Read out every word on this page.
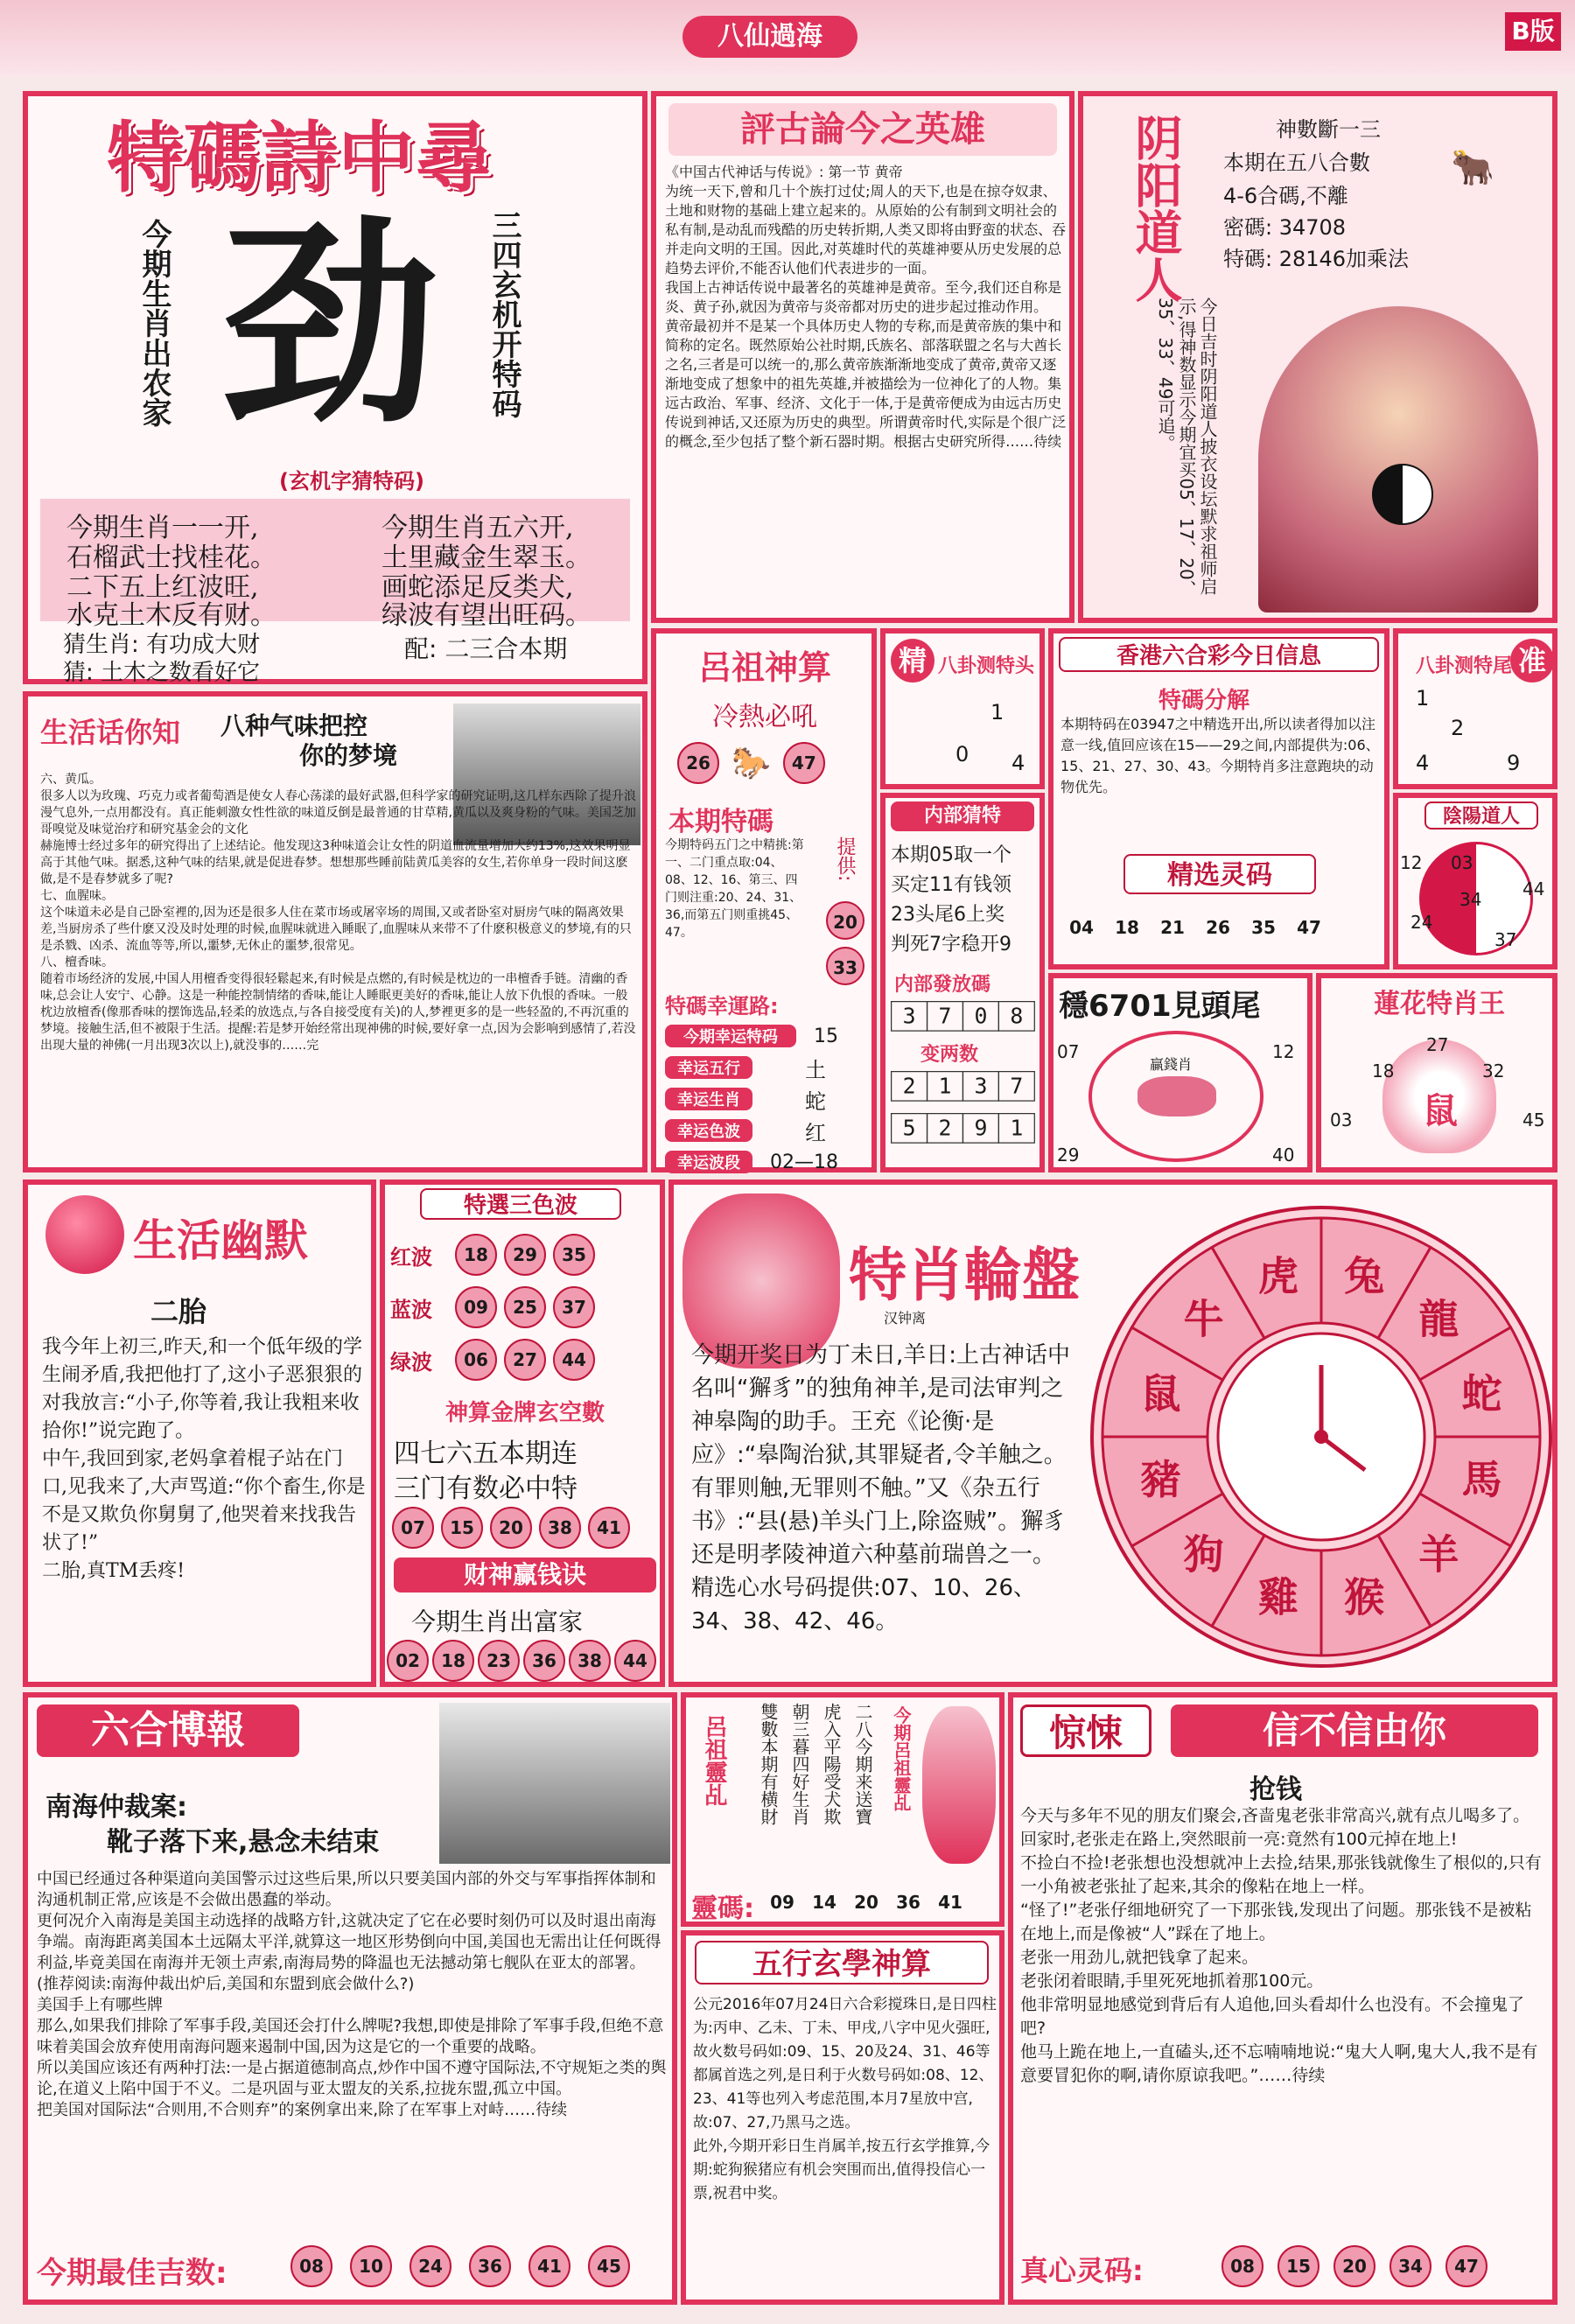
八仙過海	B版
特碼詩中尋
今期生肖出农家 劲 三四玄机开特码
(玄机字猜特码)
今期生肖一一开,	今期生肖五六开,
石榴武士找桂花。	土里藏金生翠玉。
二下五上红波旺,	画蛇添足反类犬,
水克土木反有财。	绿波有望出旺码。
猜生肖: 有功成大财
猜: 土木之数看好它
配: 二三合本期
生活话你知 八种气味把控
你的梦境
六、黄瓜。
很多人以为玫瑰、巧克力或者葡萄酒是使女人春心荡漾的最好武器,但科学家的研究证明,这几样东西除了提升浪漫气息外,一点用都没有。真正能刺激女性性欲的味道反倒是最普通的甘草精,黄瓜以及爽身粉的气味。美国芝加哥嗅觉及味觉治疗和研究基金会的文化
赫施博士经过多年的研究得出了上述结论。他发现这3种味道会让女性的阴道血流量增加大约13%,这效果明显高于其他气味。据悉,这种气味的结果,就是促进春梦。想想那些睡前陆黄瓜美容的女生,若你单身一段时间这麽做,是不是春梦就多了呢?
七、血腥味。
这个味道未必是自己卧室裡的,因为还是很多人住在菜市场或屠宰场的周围,又或者卧室对厨房气味的隔离效果差,当厨房杀了些什麽又没及时处理的时候,血腥味就进入睡眠了,血腥味从来带不了什麽积极意义的梦境,有的只是杀戮、凶杀、流血等等,所以,噩梦,无休止的噩梦,很常见。
八、檀香味。
随着市场经济的发展,中国人用檀香变得很轻鬆起来,有时候是点燃的,有时候是枕边的一串檀香手链。清幽的香味,总会让人安宁、心静。这是一种能控制情绪的香味,能让人睡眠更美好的香味,能让人放下仇恨的香味。一般枕边放檀香(像那香味的摆饰选品,轻柔的放选点,与各自接受度有关)的人,梦裡更多的是一些轻盈的,不再沉重的梦境。接触生活,但不被限于生活。提醒:若是梦开始经常出现神佛的时候,要好拿一点,因为会影响到感情了,若没出现大量的神佛(一月出现3次以上),就没事的……完
評古論今之英雄
《中国古代神话与传说》: 第一节 黄帝
为统一天下,曾和几十个族打过仗;周人的天下,也是在掠夺奴隶、土地和财物的基础上建立起来的。从原始的公有制到文明社会的私有制,是动乱而残酷的历史转折期,人类又即将由野蛮的状态、吞并走向文明的王国。因此,对英雄时代的英雄神要从历史发展的总趋势去评价,不能否认他们代表进步的一面。
我国上古神话传说中最著名的英雄神是黄帝。至今,我们还自称是炎、黄子孙,就因为黄帝与炎帝都对历史的进步起过推动作用。
黄帝最初并不是某一个具体历史人物的专称,而是黄帝族的集中和简称的定名。既然原始公社时期,氏族名、部落联盟之名与大酋长之名,三者是可以统一的,那么黄帝族渐渐地变成了黄帝,黄帝又逐渐地变成了想象中的祖先英雄,并被描绘为一位神化了的人物。集远古政治、军事、经济、文化于一体,于是黄帝便成为由远古历史传说到神话,又还原为历史的典型。所谓黄帝时代,实际是个很广泛的概念,至少包括了整个新石器时期。根据古史研究所得……待续
阴阳道人	神數斷一三
本期在五八合數
4-6合碼,不離
密碼: 34708
特碼: 28146加乘法
🐂
今日吉时阴阳道人披衣设坛默求祖师启示,得神数显示今期宜买05、17、20、35、33、49可追。
呂祖神算
冷熱必吼
26 🐎	47
本期特碼
今期特码五门之中精挑:第一、二门重点取:04、08、12、16、第三、四门则注重:20、24、31、36,而第五门则重挑45、47。
提供:
20
33
特碼幸運路:
今期幸运特码	15
幸运五行	土
幸运生肖	蛇
幸运色波	红
幸运波段	02—18
精 八卦测特头
1
0 4
内部猜特
本期05取一个
买定11有钱领
23头尾6上奖
判死7字稳开9
内部發放碼
3 7 0 8
变两数
2 1 3 7
5 2 9 1
香港六合彩今日信息
特碼分解
本期特码在03947之中精选开出,所以读者得加以注意一线,值回应该在15——29之间,内部提供为:06、15、21、27、30、43。今期特肖多注意跑块的动物优先。
精选灵码
04	18	21	26	35	47
穩6701見頭尾
07	12
29	40
贏錢肖
准
八卦测特尾
1
2
4	9
陰陽道人
12 03
34 44
24
37
蓮花特肖王
27
18	32
03	45
鼠
生活幽默
二胎
我今年上初三,昨天,和一个低年级的学生闹矛盾,我把他打了,这小子恶狠狠的对我放言:“小子,你等着,我让我粗来收拾你!”说完跑了。
中午,我回到家,老妈拿着棍子站在门口,见我来了,大声骂道:“你个畜生,你是不是又欺负你舅舅了,他哭着来找我告状了!”
二胎,真TM丢疼!
特選三色波
红波	18	29	35
蓝波	09	25	37
绿波	06	27	44
神算金牌玄空數
四七六五本期连
三门有数必中特
07	15	20	38	41
财神赢钱诀
今期生肖出富家
02	18	23	36	38	44
特肖輪盤
汉钟离
今期开奖日为丁未日,羊日:上古神话中名叫“獬豸”的独角神羊,是司法审判之神皋陶的助手。王充《论衡·是应》:“皋陶治狱,其罪疑者,令羊触之。有罪则触,无罪则不触。”又《杂五行书》:“县(悬)羊头门上,除盗贼”。獬豸还是明孝陵神道六种墓前瑞兽之一。精选心水号码提供:07、10、26、34、38、42、46。
虎 兔
龍
蛇
馬
羊
猴
雞
狗
豬
鼠
牛
六合博報
南海仲裁案:
靴子落下来,悬念未结束
中国已经通过各种渠道向美国警示过这些后果,所以只要美国内部的外交与军事指挥体制和沟通机制正常,应该是不会做出愚蠢的举动。
更何况介入南海是美国主动选择的战略方针,这就决定了它在必要时刻仍可以及时退出南海争端。南海距离美国本土远隔太平洋,就算这一地区形势倒向中国,美国也无需出让任何既得利益,毕竟美国在南海并无领土声索,南海局势的降温也无法撼动第七舰队在亚太的部署。(推荐阅读:南海仲裁出炉后,美国和东盟到底会做什么?)
美国手上有哪些牌
那么,如果我们排除了军事手段,美国还会打什么牌呢?我想,即使是排除了军事手段,但绝不意味着美国会放弃使用南海问题来遏制中国,因为这是它的一个重要的战略。
所以美国应该还有两种打法:一是占据道德制高点,炒作中国不遵守国际法,不守规矩之类的舆论,在道义上陷中国于不义。二是巩固与亚太盟友的关系,拉拢东盟,孤立中国。
把美国对国际法“合则用,不合则弃”的案例拿出来,除了在军事上对峙……待续
今期最佳吉数:	08	10	24	36	41	45
呂祖靈乩 雙數本期有横財 朝三暮四好生肖 虎入平陽受犬欺 二八今期来送寶 今期呂祖靈乩
靈碼: 09	14	20	36	41
五行玄學神算
公元2016年07月24日六合彩搅珠日,是日四柱为:丙申、乙未、丁未、甲戌,八字中见火强旺,故火数号码如:09、15、20及24、31、46等都属首选之列,是日利于火数号码如:08、12、23、41等也列入考虑范围,本月7星放中宫,故:07、27,乃黑马之选。
此外,今期开彩日生肖属羊,按五行玄学推算,今期:蛇狗猴猪应有机会突围而出,值得投信心一票,祝君中奖。
惊悚	信不信由你
抢钱
今天与多年不见的朋友们聚会,吝啬鬼老张非常高兴,就有点儿喝多了。
回家时,老张走在路上,突然眼前一亮:竟然有100元掉在地上!
不捡白不捡!老张想也没想就冲上去捡,结果,那张钱就像生了根似的,只有一小角被老张扯了起来,其余的像粘在地上一样。
“怪了!”老张仔细地研究了一下那张钱,发现出了问题。那张钱不是被粘在地上,而是像被“人”踩在了地上。
老张一用劲儿,就把钱拿了起来。
老张闭着眼睛,手里死死地抓着那100元。
他非常明显地感觉到背后有人追他,回头看却什么也没有。不会撞鬼了吧?
他马上跪在地上,一直磕头,还不忘喃喃地说:“鬼大人啊,鬼大人,我不是有意要冒犯你的啊,请你原谅我吧。”……待续
真心灵码:	08	15	20	34	47
